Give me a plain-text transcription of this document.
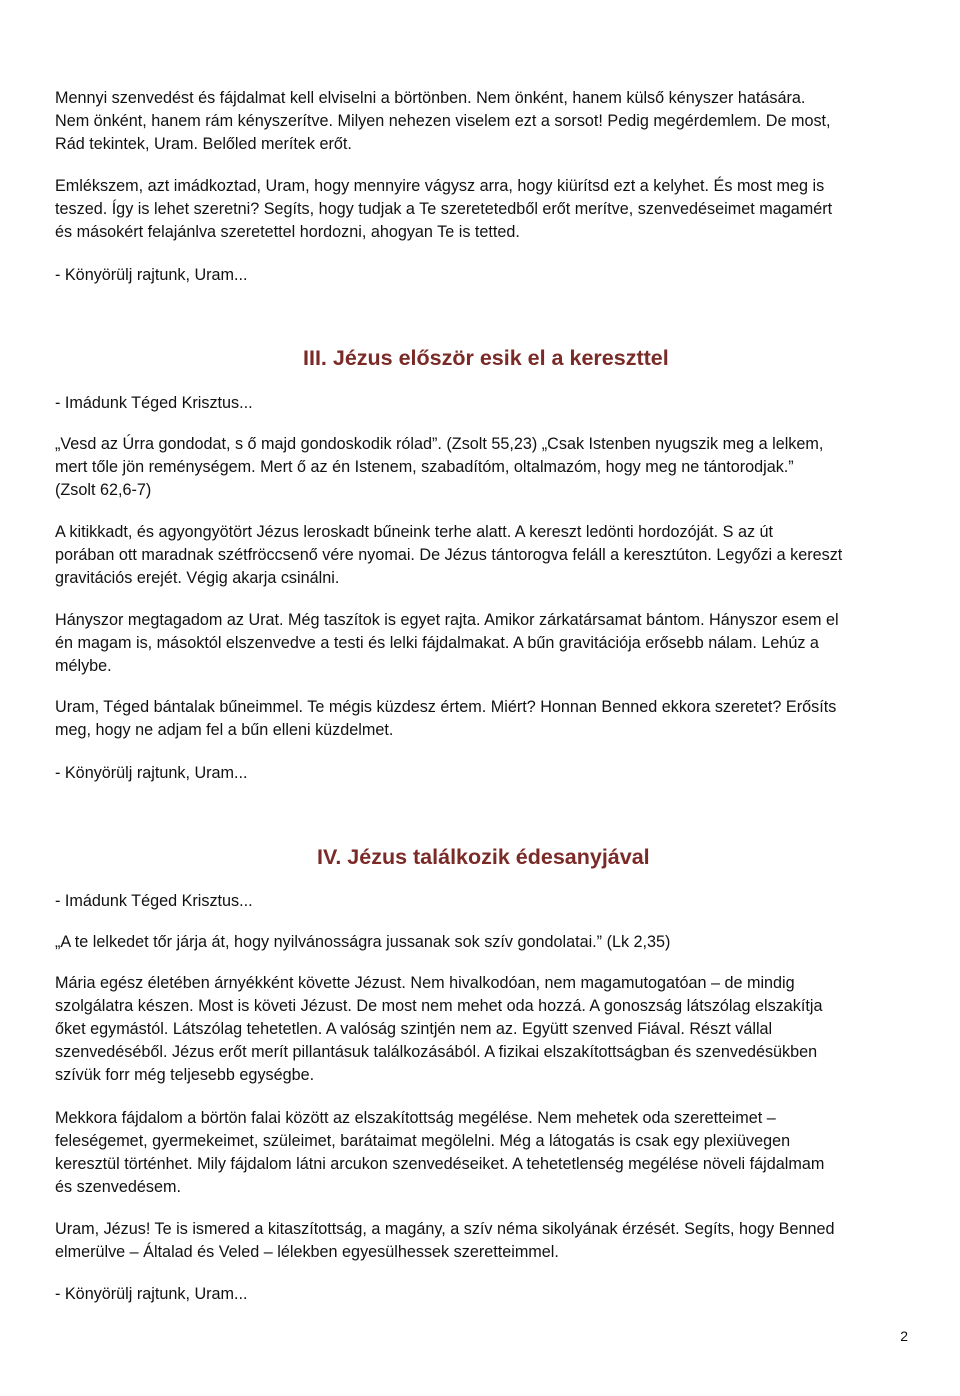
Mennyi szenvedést és fájdalmat kell elviselni a börtönben. Nem önként, hanem külső kényszer hatására.
Nem önként, hanem rám kényszerítve. Milyen nehezen viselem ezt a sorsot! Pedig megérdemlem. De most,
Rád tekintek, Uram. Belőled merítek erőt.

Emlékszem, azt imádkoztad, Uram, hogy mennyire vágysz arra, hogy kiürítsd ezt a kelyhet. És most meg is
teszed. Így is lehet szeretni? Segíts, hogy tudjak a Te szeretetedből erőt merítve, szenvedéseimet magamért
és másokért felajánlva szeretettel hordozni, ahogyan Te is tetted.

- Könyörülj rajtunk, Uram...

III. Jézus először esik el a kereszttel

- Imádunk Téged Krisztus...

„Vesd az Úrra gondodat, s ő majd gondoskodik rólad”. (Zsolt 55,23) „Csak Istenben nyugszik meg a lelkem,
mert tőle jön reménységem. Mert ő az én Istenem, szabadítóm, oltalmazóm, hogy meg ne tántorodjak.”
(Zsolt 62,6-7)

A kitikkadt, és agyongyötört Jézus leroskadt bűneink terhe alatt. A kereszt ledönti hordozóját. S az út
porában ott maradnak szétfröccsenő vére nyomai. De Jézus tántorogva feláll a keresztúton. Legyőzi a kereszt
gravitációs erejét. Végig akarja csinálni.

Hányszor megtagadom az Urat. Még taszítok is egyet rajta. Amikor zárkatársamat bántom. Hányszor esem el
én magam is, másoktól elszenvedve a testi és lelki fájdalmakat. A bűn gravitációja erősebb nálam. Lehúz a
mélybe.

Uram, Téged bántalak bűneimmel. Te mégis küzdesz értem. Miért? Honnan Benned ekkora szeretet? Erősíts
meg, hogy ne adjam fel a bűn elleni küzdelmet.

- Könyörülj rajtunk, Uram...

IV. Jézus találkozik édesanyjával

- Imádunk Téged Krisztus...

„A te lelkedet tőr járja át, hogy nyilvánosságra jussanak sok szív gondolatai.” (Lk 2,35)

Mária egész életében árnyékként követte Jézust. Nem hivalkodóan, nem magamutogatóan – de mindig
szolgálatra készen. Most is követi Jézust. De most nem mehet oda hozzá. A gonoszság látszólag elszakítja
őket egymástól. Látszólag tehetetlen. A valóság szintjén nem az. Együtt szenved Fiával. Részt vállal
szenvedéséből. Jézus erőt merít pillantásuk találkozásából. A fizikai elszakítottságban és szenvedésükben
szívük forr még teljesebb egységbe.

Mekkora fájdalom a börtön falai között az elszakítottság megélése. Nem mehetek oda szeretteimet –
feleségemet, gyermekeimet, szüleimet, barátaimat megölelni. Még a látogatás is csak egy plexiüvegen
keresztül történhet. Mily fájdalom látni arcukon szenvedéseiket. A tehetetlenség megélése növeli fájdalmam
és szenvedésem.

Uram, Jézus! Te is ismered a kitaszítottság, a magány, a szív néma sikolyának érzését. Segíts, hogy Benned
elmerülve – Általad és Veled – lélekben egyesülhessek szeretteimmel.

- Könyörülj rajtunk, Uram...

2
